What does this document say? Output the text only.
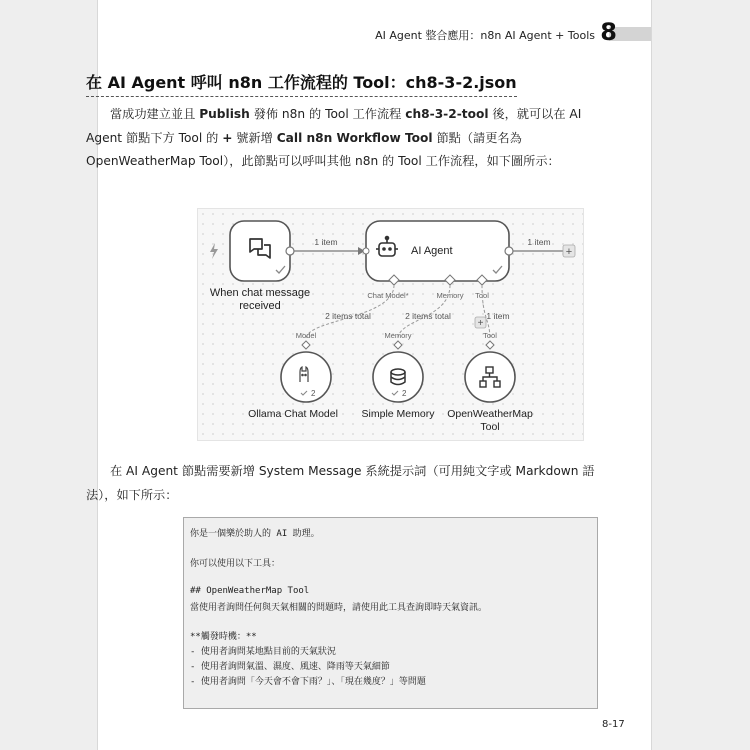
AI Agent 整合應用：n8n AI Agent + Tools 8
在 AI Agent 呼叫 n8n 工作流程的 Tool：ch8-3-2.json
當成功建立並且 Publish 發佈 n8n 的 Tool 工作流程 ch8-3-2-tool 後，就可以在 AI Agent 節點下方 Tool 的 + 號新增 Call n8n Workflow Tool 節點（請更名為 OpenWeatherMap Tool），此節點可以呼叫其他 n8n 的 Tool 工作流程，如下圖所示：
When chat message
received
1 item
AI Agent
1 item
+
Chat Model*	Memory Tool
2 items total	2 items total	1 item
+
Model	Memory	Tool
2
Ollama Chat Model
2
Simple Memory OpenWeatherMap
Tool
在 AI Agent 節點需要新增 System Message 系統提示詞（可用純文字或 Markdown 語法），如下所示：
你是一個樂於助人的 AI 助理。
你可以使用以下工具：
## OpenWeatherMap Tool
當使用者詢問任何與天氣相關的問題時，請使用此工具查詢即時天氣資訊。
**觸發時機：**
- 使用者詢問某地點目前的天氣狀況
- 使用者詢問氣溫、濕度、風速、降雨等天氣細節
- 使用者詢問「今天會不會下雨？」、「現在幾度？」等問題
8-17
